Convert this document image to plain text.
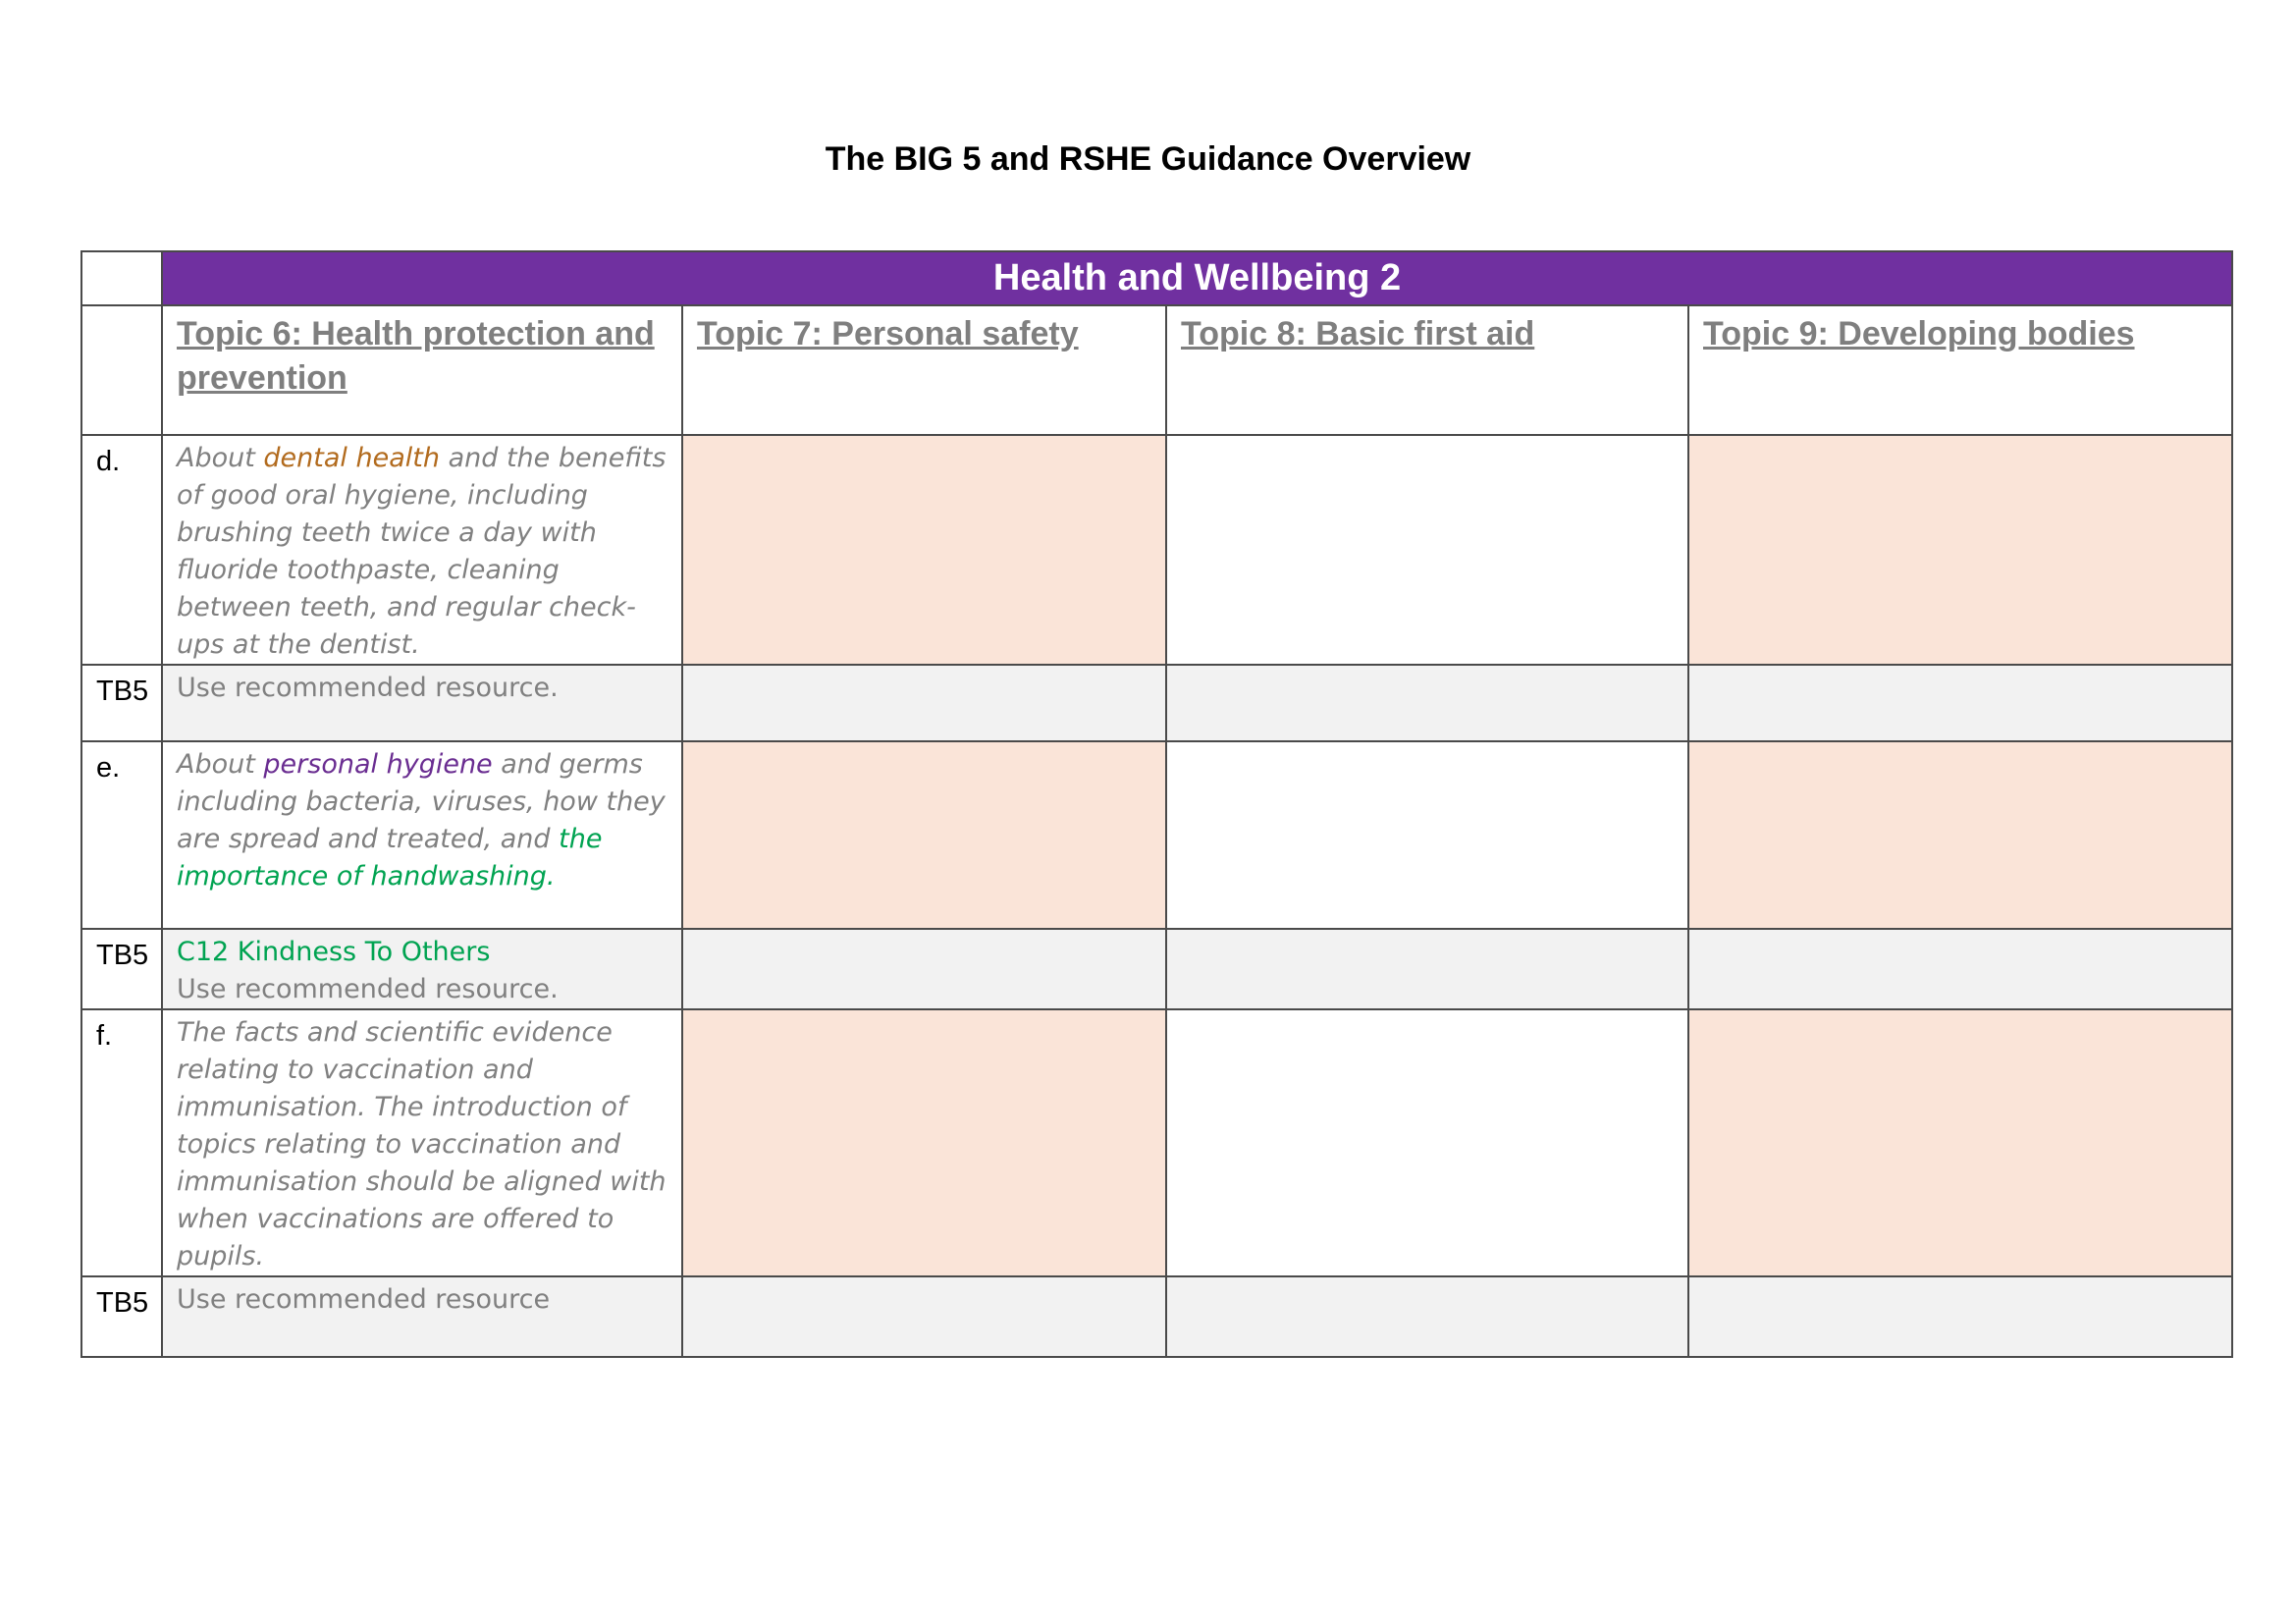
The BIG 5 and RSHE Guidance Overview
	Health and Wellbeing 2			
	Topic 6: Health protection and prevention	Topic 7: Personal safety	Topic 8: Basic first aid	Topic 9: Developing bodies
d.	About dental health and the benefits of good oral hygiene, including brushing teeth twice a day with fluoride toothpaste, cleaning between teeth, and regular check-ups at the dentist.			
TB5	Use recommended resource.			
e.	About personal hygiene and germs including bacteria, viruses, how they are spread and treated, and the importance of handwashing.			
TB5	C12 Kindness To Others
Use recommended resource.			

f.	The facts and scientific evidence relating to vaccination and immunisation. The introduction of topics relating to vaccination and immunisation should be aligned with when vaccinations are offered to pupils.			
TB5	Use recommended resource			
